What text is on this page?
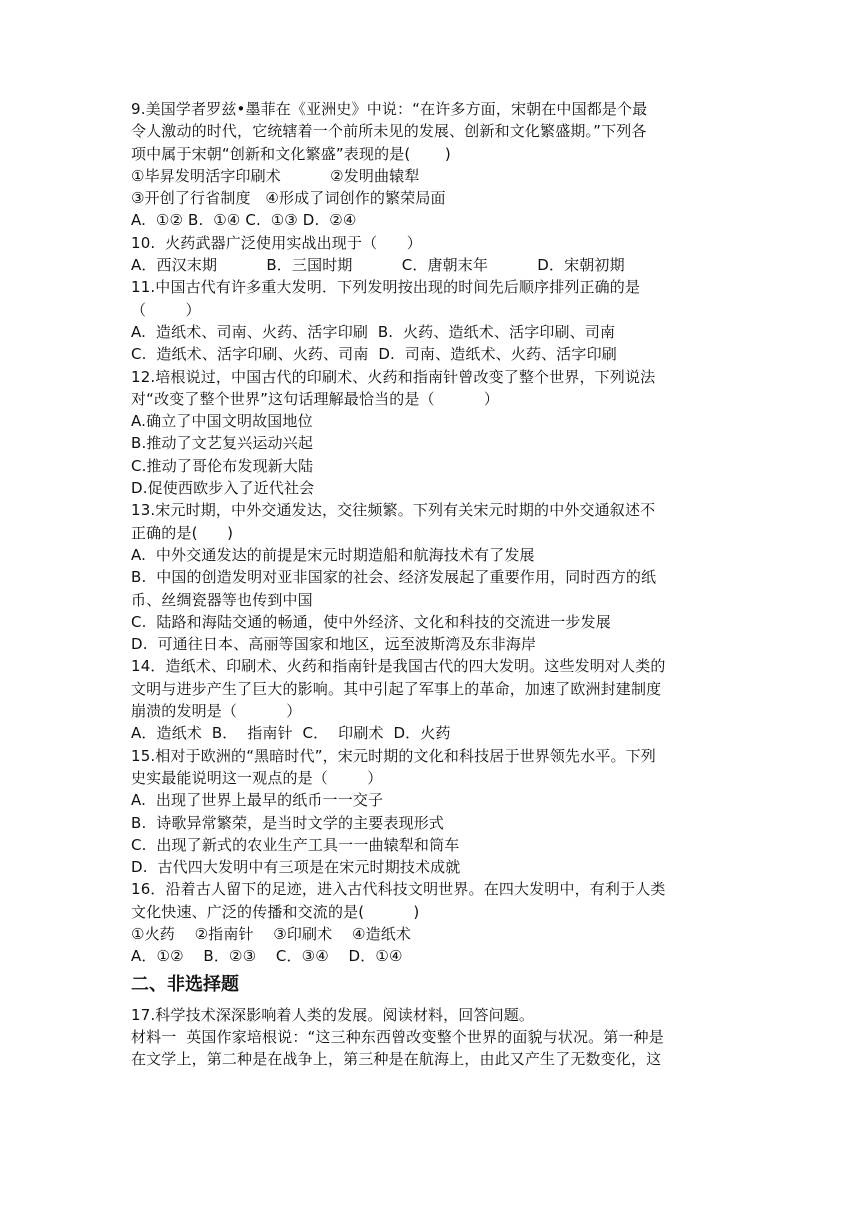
9.美国学者罗兹•墨菲在《亚洲史》中说：“在许多方面，宋朝在中国都是个最

令人激动的时代，它统辖着一个前所未见的发展、创新和文化繁盛期。”下列各

项中属于宋朝“创新和文化繁盛”表现的是(       )

①毕昇发明活字印刷术          ②发明曲辕犁

③开创了行省制度   ④形成了词创作的繁荣局面

A.  ①② B.  ①④ C.  ①③ D.  ②④

10.  火药武器广泛使用实战出现于（      ）

A．西汉末期          B．三国时期          C．唐朝末年          D．宋朝初期

11.中国古代有许多重大发明．下列发明按出现的时间先后顺序排列正确的是

（        ）

A.  造纸术、司南、火药、活字印刷  B.  火药、造纸术、活字印刷、司南

C.  造纸术、活字印刷、火药、司南  D.  司南、造纸术、火药、活字印刷

12.培根说过，中国古代的印刷术、火药和指南针曾改变了整个世界，下列说法

对“改变了整个世界”这句话理解最恰当的是（          ）

A.确立了中国文明故国地位

B.推动了文艺复兴运动兴起

C.推动了哥伦布发现新大陆

D.促使西欧步入了近代社会

13.宋元时期，中外交通发达，交往频繁。下列有关宋元时期的中外交通叙述不

正确的是(      )

A.  中外交通发达的前提是宋元时期造船和航海技术有了发展

B.  中国的创造发明对亚非国家的社会、经济发展起了重要作用，同时西方的纸

币、丝绸瓷器等也传到中国

C.  陆路和海陆交通的畅通，使中外经济、文化和科技的交流进一步发展

D.  可通往日本、高丽等国家和地区，远至波斯湾及东非海岸

14．造纸术、印刷术、火药和指南针是我国古代的四大发明。这些发明对人类的

文明与进步产生了巨大的影响。其中引起了军事上的革命，加速了欧洲封建制度

崩溃的发明是（          ）

A．造纸术  B．  指南针  C．  印刷术  D．火药

15.相对于欧洲的“黑暗时代”，宋元时期的文化和科技居于世界领先水平。下列

史实最能说明这一观点的是（        ）

A.  出现了世界上最早的纸币一一交子

B.  诗歌异常繁荣，是当时文学的主要表现形式

C.  出现了新式的农业生产工具一一曲辕犁和筒车

D.  古代四大发明中有三项是在宋元时期技术成就

16．沿着古人留下的足迹，进入古代科技文明世界。在四大发明中，有利于人类

文化快速、广泛的传播和交流的是(          )

①火药    ②指南针    ③印刷术    ④造纸术

A．①②    B．②③    C．③④    D．①④

二、非选择题

17.科学技术深深影响着人类的发展。阅读材料，回答问题。

材料一  英国作家培根说：“这三种东西曾改变整个世界的面貌与状况。第一种是

在文学上，第二种是在战争上，第三种是在航海上，由此又产生了无数变化，这
